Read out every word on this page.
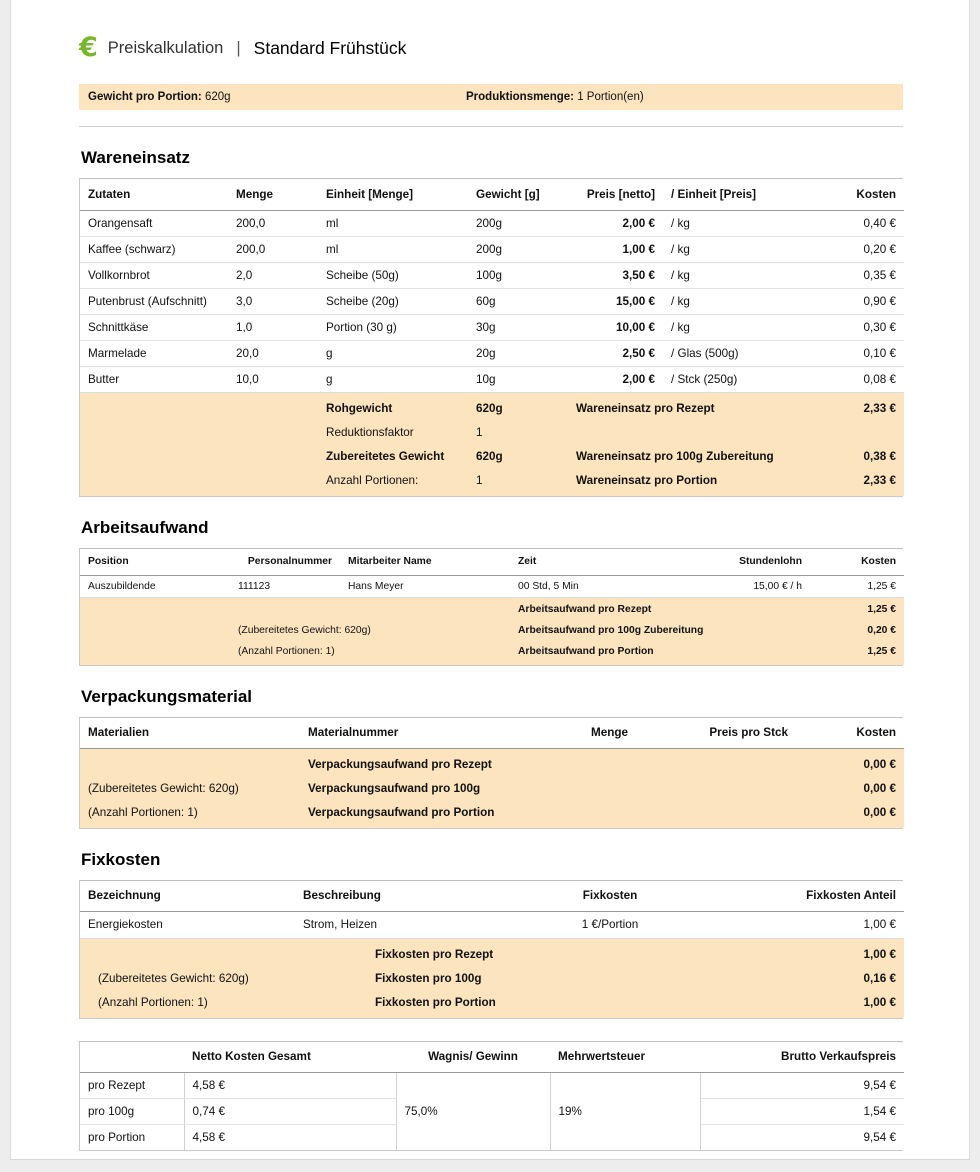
€ Preiskalkulation | Standard Frühstück
Gewicht pro Portion: 620g	Produktionsmenge: 1 Portion(en)
Wareneinsatz
Zutaten	Menge	Einheit [Menge]	Gewicht [g]	Preis [netto]	/ Einheit [Preis]	Kosten
Orangensaft	200,0	ml	200g	2,00 €	/ kg	0,40 €
Kaffee (schwarz)	200,0	ml	200g	1,00 €	/ kg	0,20 €
Vollkornbrot	2,0	Scheibe (50g)	100g	3,50 €	/ kg	0,35 €
Putenbrust (Aufschnitt)	3,0	Scheibe (20g)	60g	15,00 €	/ kg	0,90 €
Schnittkäse	1,0	Portion (30 g)	30g	10,00 €	/ kg	0,30 €
Marmelade	20,0	g	20g	2,50 €	/ Glas (500g)	0,10 €
Butter	10,0	g	10g	2,00 €	/ Stck (250g)	0,08 €
		Rohgewicht	620g	Wareneinsatz pro Rezept		2,33 €
		Reduktionsfaktor	1			
		Zubereitetes Gewicht	620g	Wareneinsatz pro 100g Zubereitung		0,38 €
		Anzahl Portionen:	1	Wareneinsatz pro Portion		2,33 €
Arbeitsaufwand
Position	Personalnummer	Mitarbeiter Name	Zeit	Stundenlohn	Kosten
Auszubildende	111123	Hans Meyer	00 Std, 5 Min	15,00 € / h	1,25 €
			Arbeitsaufwand pro Rezept		1,25 €
	(Zubereitetes Gewicht: 620g)		Arbeitsaufwand pro 100g Zubereitung		0,20 €
	(Anzahl Portionen: 1)		Arbeitsaufwand pro Portion		1,25 €
Verpackungsmaterial
Materialien	Materialnummer	Menge	Preis pro Stck	Kosten
	Verpackungsaufwand pro Rezept			0,00 €
(Zubereitetes Gewicht: 620g)	Verpackungsaufwand pro 100g			0,00 €
(Anzahl Portionen: 1)	Verpackungsaufwand pro Portion			0,00 €
Fixkosten
Bezeichnung	Beschreibung	Fixkosten	Fixkosten Anteil
Energiekosten	Strom, Heizen	1 €/Portion	1,00 €
	Fixkosten pro Rezept		1,00 €
(Zubereitetes Gewicht: 620g)	Fixkosten pro 100g		0,16 €
(Anzahl Portionen: 1)	Fixkosten pro Portion		1,00 €
	Netto Kosten Gesamt	Wagnis/ Gewinn	Mehrwertsteuer	Brutto Verkaufspreis
pro Rezept	4,58 €	75,0%	19%	9,54 €
pro 100g	0,74 €			1,54 €
pro Portion	4,58 €			9,54 €
